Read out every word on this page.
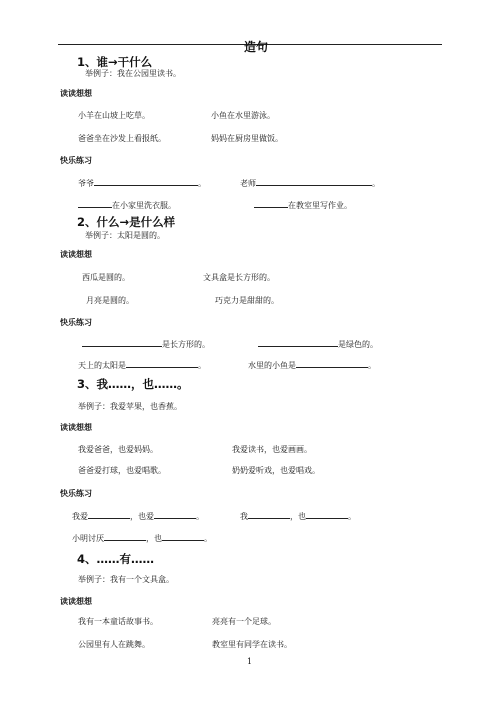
造句
1、谁→干什么
举例子：我在公园里读书。
读读想想
小羊在山坡上吃草。	小鱼在水里游泳。
爸爸坐在沙发上看报纸。	妈妈在厨房里做饭。
快乐练习
爷爷	。	老师	。
在小家里洗衣服。	在教室里写作业。
2、什么→是什么样
举例子：太阳是圆的。
读读想想
西瓜是圆的。	文具盒是长方形的。
月亮是圆的。	巧克力是甜甜的。
快乐练习
是长方形的。	是绿色的。
天上的太阳是	。	水里的小鱼是	。
3、我……，也……。
举例子：我爱苹果，也香蕉。
读读想想
我爱爸爸，也爱妈妈。	我爱读书，也爱画画。
爸爸爱打球，也爱唱歌。	奶奶爱听戏，也爱唱戏。
快乐练习
我爱	，也爱	。	我	，也	。
小明讨厌	，也	。
4、……有……
举例子：我有一个文具盒。
读读想想
我有一本童话故事书。	亮亮有一个足球。
公园里有人在跳舞。	教室里有同学在读书。
1
